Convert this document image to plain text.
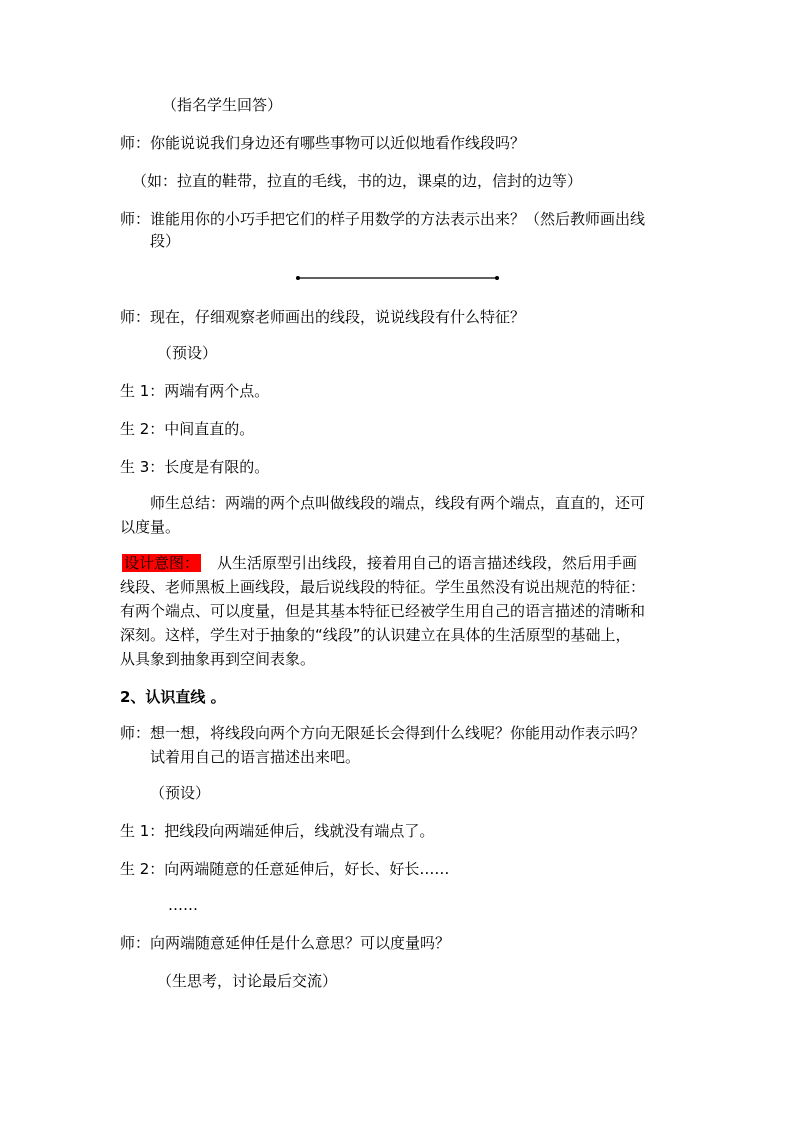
（指名学生回答）

师：你能说说我们身边还有哪些事物可以近似地看作线段吗？

（如：拉直的鞋带，拉直的毛线，书的边，课桌的边，信封的边等）

师：谁能用你的小巧手把它们的样子用数学的方法表示出来？（然后教师画出线

段）

师：现在，仔细观察老师画出的线段，说说线段有什么特征？

（预设）

生 1：两端有两个点。

生 2：中间直直的。

生 3：长度是有限的。

师生总结：两端的两个点叫做线段的端点，线段有两个端点，直直的，还可

以度量。

设计意图： 从生活原型引出线段，接着用自己的语言描述线段，然后用手画

线段、老师黑板上画线段，最后说线段的特征。学生虽然没有说出规范的特征：

有两个端点、可以度量，但是其基本特征已经被学生用自己的语言描述的清晰和

深刻。这样，学生对于抽象的“线段”的认识建立在具体的生活原型的基础上，

从具象到抽象再到空间表象。

2、认识直线 。

师：想一想，将线段向两个方向无限延长会得到什么线呢？你能用动作表示吗？

试着用自己的语言描述出来吧。

（预设）

生 1：把线段向两端延伸后，线就没有端点了。

生 2：向两端随意的任意延伸后，好长、好长……

……

师：向两端随意延伸任是什么意思？可以度量吗？

（生思考，讨论最后交流）
